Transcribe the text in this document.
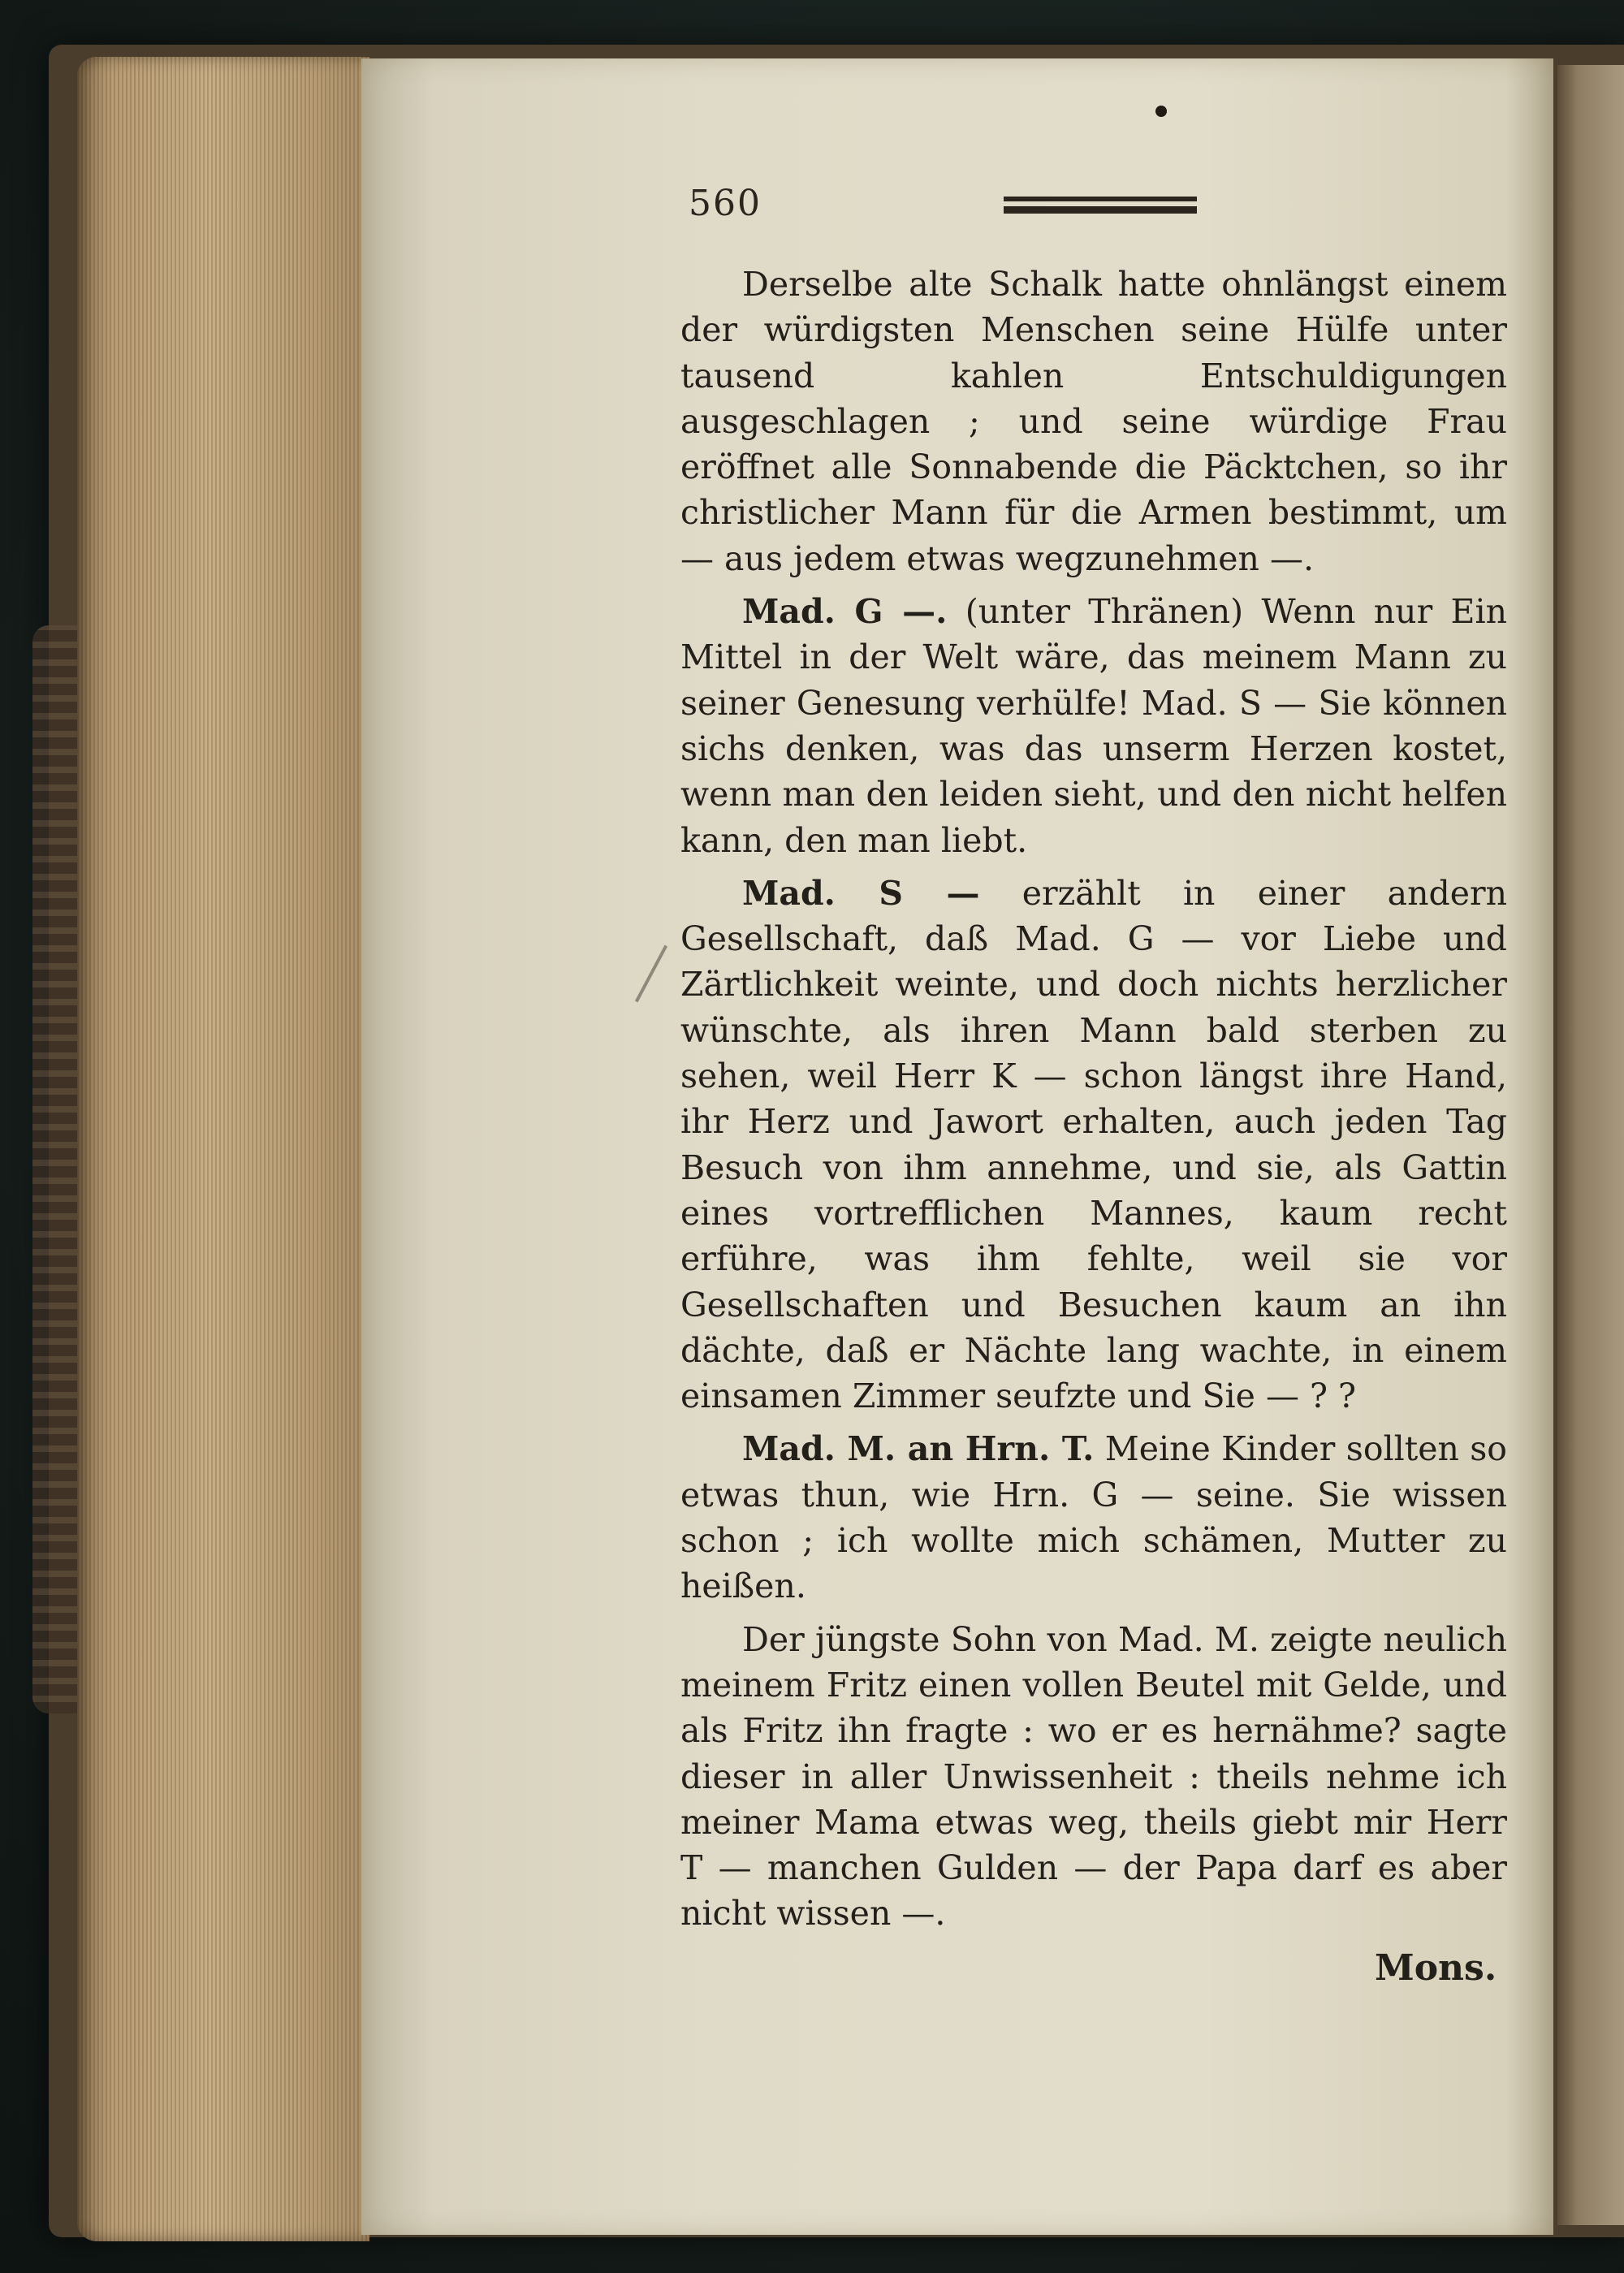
560

Derselbe alte Schalk hatte ohnlängst einem der würdigsten Menschen seine Hülfe unter tausend kahlen Entschuldigungen ausgeschlagen ; und seine würdige Frau eröffnet alle Sonnabende die Päcktchen, so ihr christlicher Mann für die Armen bestimmt, um — aus jedem etwas wegzunehmen —.

Mad. G —. (unter Thränen) Wenn nur Ein Mittel in der Welt wäre, das meinem Mann zu seiner Genesung verhülfe! Mad. S — Sie können sichs denken, was das unserm Herzen kostet, wenn man den leiden sieht, und den nicht helfen kann, den man liebt.

Mad. S — erzählt in einer andern Gesellschaft, daß Mad. G — vor Liebe und Zärtlichkeit weinte, und doch nichts herzlicher wünschte, als ihren Mann bald sterben zu sehen, weil Herr K — schon längst ihre Hand, ihr Herz und Jawort erhalten, auch jeden Tag Besuch von ihm annehme, und sie, als Gattin eines vortrefflichen Mannes, kaum recht erführe, was ihm fehlte, weil sie vor Gesellschaften und Besuchen kaum an ihn dächte, daß er Nächte lang wachte, in einem einsamen Zimmer seufzte und Sie — ? ?

Mad. M. an Hrn. T. Meine Kinder sollten so etwas thun, wie Hrn. G — seine. Sie wissen schon ; ich wollte mich schämen, Mutter zu heißen.

Der jüngste Sohn von Mad. M. zeigte neulich meinem Fritz einen vollen Beutel mit Gelde, und als Fritz ihn fragte : wo er es hernähme? sagte dieser in aller Unwissenheit : theils nehme ich meiner Mama etwas weg, theils giebt mir Herr T — manchen Gulden — der Papa darf es aber nicht wissen —.

Mons.
